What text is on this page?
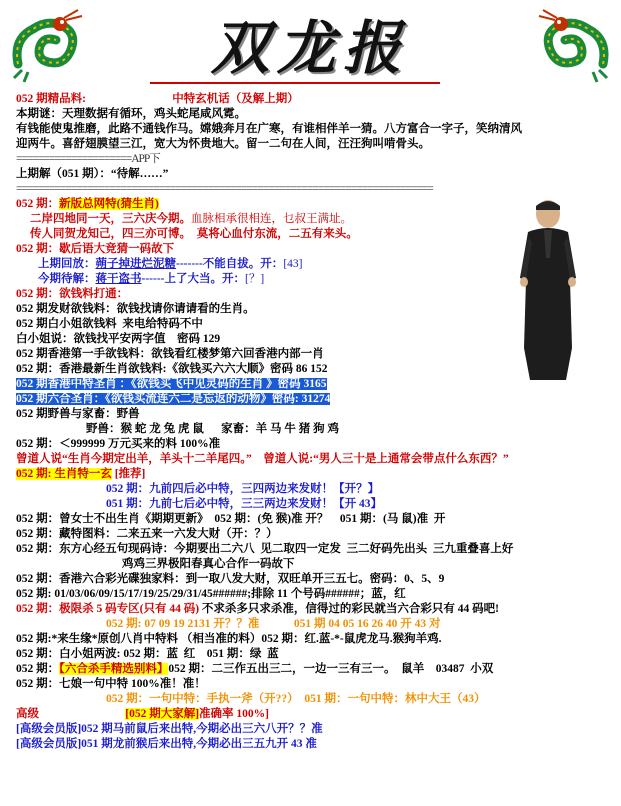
双龙报
052 期精品料:	中特玄机话（及解上期）
本期谜：天理数据有循环，鸡头蛇尾咸风霓。
有钱能使鬼推磨，此路不通钱作马。嫦娥奔月在广寒，有谁相伴羊一猜。八方富合一字子，笑纳清风
迎两牛。喜舒翅膜望三江，宽大为怀贵地大。留一二句在人间，汪汪狗叫啃骨头。
=====================APP下
上期解（051 期）：“待解……”
============================================================================
052 期：新版总网特(猜生肖)
二岸四地同一天，三六庆今期。血脉相承很相连，乜叔王满址。
传人同贺龙知己，四三亦可博。  莫将心血付东流，二五有来头。
052 期：歇后语大竞猜一码故下
上期回放：蒴子掉进烂泥糖-------不能自拔。开：[43]
今期待解：蒋干盗书------上了大当。开：[？]
052 期：欲钱料打通：
052 期发财欲钱料：欲钱找请你请请看的生肖。
052 期白小姐欲钱料  来电给特码不中
白小姐说：欲钱找平安两字值    密码 129
052 期香港第一手欲钱料：欲钱看红楼梦第六回香港内部一肖
052 期：香港最新生肖欲钱料:《欲钱买六六大顺》密码 86 152
052 期香港中特圣肖 ：《欲钱买飞中见灵码的生肖 》密码 3165
052 期六合圣肖：《欲钱买流连六二是忘返的动物》密码: 31274
052 期野兽与家畜：野兽
野兽：猴 蛇 龙 兔 虎 鼠      家畜：羊 马 牛 猪 狗 鸡
052 期：＜999999 万元买来的料 100%准
曾道人说“生肖今期定出羊，羊头十二羊尾四。”    曾道人说:“男人三十是上通常会带点什么东西？”
052 期: 生肖特一玄 [推荐]
052 期：九前四后必中特，三四两边来发财！【开？】
051 期：九前七后必中特，三三两边来发财！【开 43】
052 期：曾女士不出生肖《期期更新》  052 期：(免 猴)准 开？    051 期：(马 鼠)准  开
052 期：藏特图料：二来五来一六发大财（开：？）
052 期：东方心经五句现码诗：今期要出二六八  见二取四一定发  三二好码先出头  三九重叠喜上好
鸡鸡三界极阳春真心合作一码故下
052 期：香港六合彩光碟独家料：到一取八发大财，双旺单开三五七。密码：0、5、9
052 期: 01/03/06/09/15/17/19/25/29/31/45######;排除 11 个号码######；蓝，红
052 期：极限杀 5 码专区(只有 44 码) 不求杀多只求杀准，信得过的彩民就当六合彩只有 44 码吧!
052 期: 07 09 19 2131 开？？准            051 期 04 05 16 26 40 开 43 对
052 期:*来生缘*原创八肖中特料 （相当准的料）052 期：红.蓝-*-鼠虎龙马.猴狗羊鸡.
052 期：白小姐两波: 052 期：蓝  红    051 期：绿  蓝
052 期：【六合杀手精选别料】052 期：二三作五出三二，一边一三有三一。  鼠羊    03487  小双
052 期：七娘一句中特 100%准！准！
052 期：一句中特：手执一斧（开??）  051 期：一句中特：林中大王（43）
高级	[052 期大家解]准确率 100%]
[高级会员版]052 期马前鼠后来出特,今期必出三六八开？？准
[高级会员版]051 期龙前猴后来出特,今期必出三五九开 43 准
